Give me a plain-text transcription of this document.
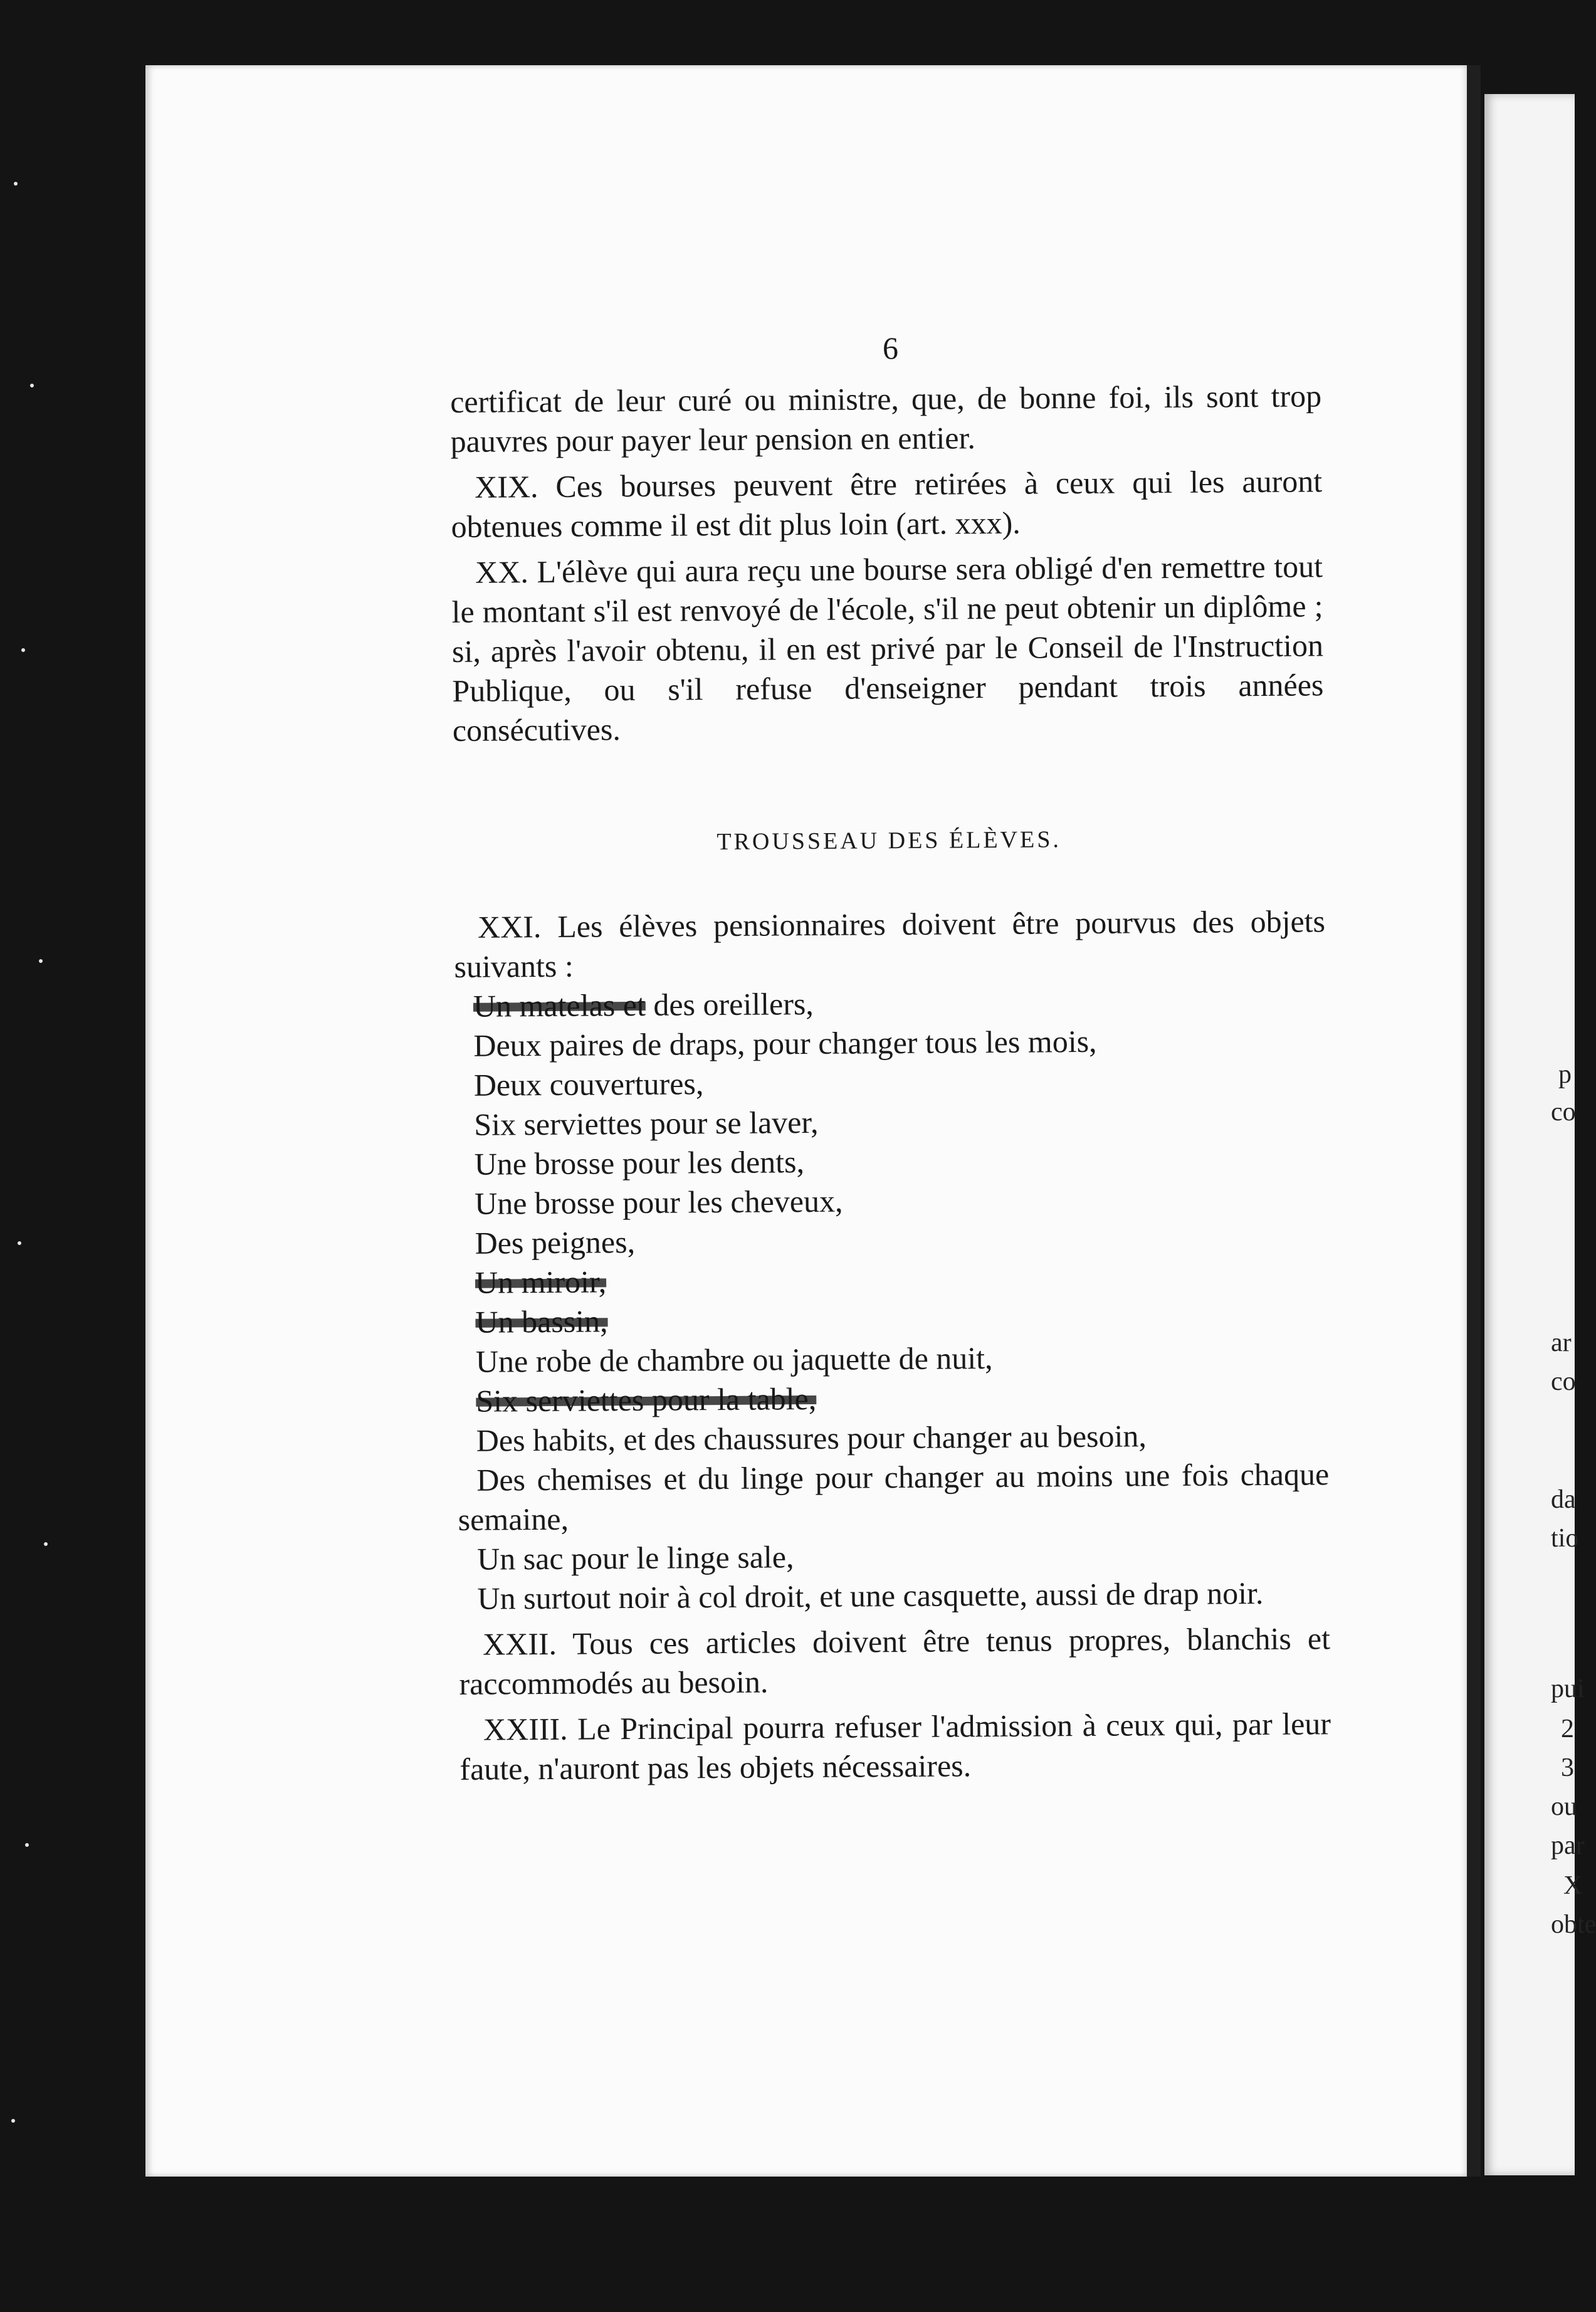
p
co
ar
co
da
tio
pui
2
3
ou
par
X
obte
6

certificat de leur curé ou ministre, que, de bonne foi, ils sont trop pauvres pour payer leur pension en entier.

XIX. Ces bourses peuvent être retirées à ceux qui les auront obtenues comme il est dit plus loin (art. xxx).

XX. L'élève qui aura reçu une bourse sera obligé d'en remettre tout le montant s'il est renvoyé de l'école, s'il ne peut obtenir un diplôme ; si, après l'avoir obtenu, il en est privé par le Conseil de l'Instruction Publique, ou s'il refuse d'enseigner pendant trois années consécutives.

TROUSSEAU DES ÉLÈVES.

XXI. Les élèves pensionnaires doivent être pourvus des objets suivants :

Un matelas et des oreillers,

Deux paires de draps, pour changer tous les mois,

Deux couvertures,

Six serviettes pour se laver,

Une brosse pour les dents,

Une brosse pour les cheveux,

Des peignes,

Un miroir,

Un bassin,

Une robe de chambre ou jaquette de nuit,

Six serviettes pour la table,

Des habits, et des chaussures pour changer au besoin,

Des chemises et du linge pour changer au moins une fois chaque semaine,

Un sac pour le linge sale,

Un surtout noir à col droit, et une casquette, aussi de drap noir.

XXII. Tous ces articles doivent être tenus propres, blanchis et raccommodés au besoin.

XXIII. Le Principal pourra refuser l'admission à ceux qui, par leur faute, n'auront pas les objets nécessaires.
